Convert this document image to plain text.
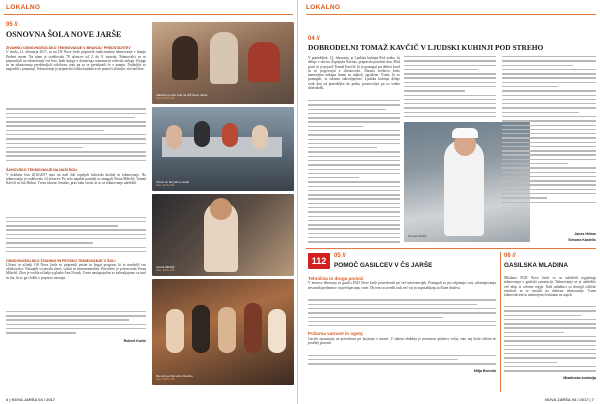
LOKALNO
05 //
OSNOVNA ŠOLA NOVE JARŠE
ŽIVAHNO OSNOVNOŠOLSKO TEKMOVANJE V BRANJU: PREDSTAVITEV
V sredo, 21. februarja 2017, so na OŠ Nove Jarše pripravili tradicionalno tekmovanje v branju Preberi mene. Na njem je sodelovalo 78 učencev od 2. do 9. razreda. Tekmovalci so se pripravljali na tekmovanje vse leto, brali knjige z domačega seznama in reševali naloge. Knjige so na tekmovanju predstavljali sošolcem, nato pa so se preizkusili še v znanju. Najboljše so nagradili s priznanji. Tekmovanje je pripravila šolska knjižnica ob pomoči učiteljev slovenščine.
ŠAHOVSKO TEKMOVANJE NA NAŠI ŠOLI
V šolskem letu 2016/2017 smo na naši šoli izpeljali šahovski krožek in tekmovanje. Na tekmovanju je sodelovalo 24 učencev. Po zelo napetih partijah so zmagali Vesna Mihelič, Tomaž Kavčič in Jan Hribar. Vsem iskrene čestitke, prav tako vsem, ki so se tekmovanja udeležili.
OSNOVNOŠOLSKO ŽIVAHNO IN PEVSKO TEKMOVANJE V ŠOLI
Učenci in učitelji OŠ Nove Jarše so pripravili pester in bogat program, ki je navdušil vse obiskovalce. Nastopili so pevski zbori, solisti in instrumentalisti. Prireditev je povezovala Vesna Mihelič. Zbor je vodila učiteljica glasbe Ana Novak. Vsem nastopajočim se zahvaljujemo za trud in čas, ki so ga vložili v pripravo nastopa.
Robert Kušič
Zabavno je bilo tudi na OŠ Nove Jarše
foto: arhiv OŠ
Otroci so bili vidno veseli
foto: arhiv OŠ
Vesna Mihelič
foto: arhiv OŠ
Na odru je bilo zelo živahno
foto: arhiv OŠ
6 | NOVA JARŠA 04 / 2017
LOKALNO
04 //
DOBRODELNI TOMAŽ KAVČIČ V LJUDSKI KUHINJI POD STREHO
V ponedeljek, 13. februarja, je Ljudska kuhinja Pod streho, ki deluje v okviru Župnijske Karitas, pripravila poseben dan. Med gosti se je pojavil Tomaž Kavčič, ki je pomagal pri delitvi kosil in se pogovarjal z obiskovalci. Zbrana sredstva bodo namenjena nakupu hrane za najbolj ogrožene. Vsem, ki so pomagali, se iskreno zahvaljujemo. Ljudska kuhinja deluje vsak dan od ponedeljka do petka, prostovoljci pa so vedno dobrodošli.
Tomaž Kavčič
Janez Hribar
Simona Kastelic
112	05 //
POMOČ GASILCEV V ČS JARŠE
Tehnična in druga pomoč
V mesecu februarju so gasilci PGD Nove Jarše posredovali pri več intervencijah. Pomagali so pri odpiranju vrat, odstranjevanju nevarnih predmetov in prečrpavanju vode. Ob tem so izvedli tudi več vaj in usposabljanj za člane društva.
Požarna varnost in ogenj
Gasilci opozarjajo na previdnost pri kurjenju v naravi. V suhem obdobju je nevarnost požarov večja, zato naj bodo občani še posebej pozorni.
Mitja Breznik
06 //
GASILSKA MLADINA
Mladinci PGD Nove Jarše so se udeležili regijskega tekmovanja v gasilski orientaciji. Tekmovanja se je udeležilo več ekip iz celotne regije. Naši mladinci so dosegli odlične rezultate in se uvrstili na državno tekmovanje. Vsem tekmovalcem in mentorjem čestitamo za uspeh.
Mladinska komisija
NOVA JARŠA 04 / 2017 | 7
